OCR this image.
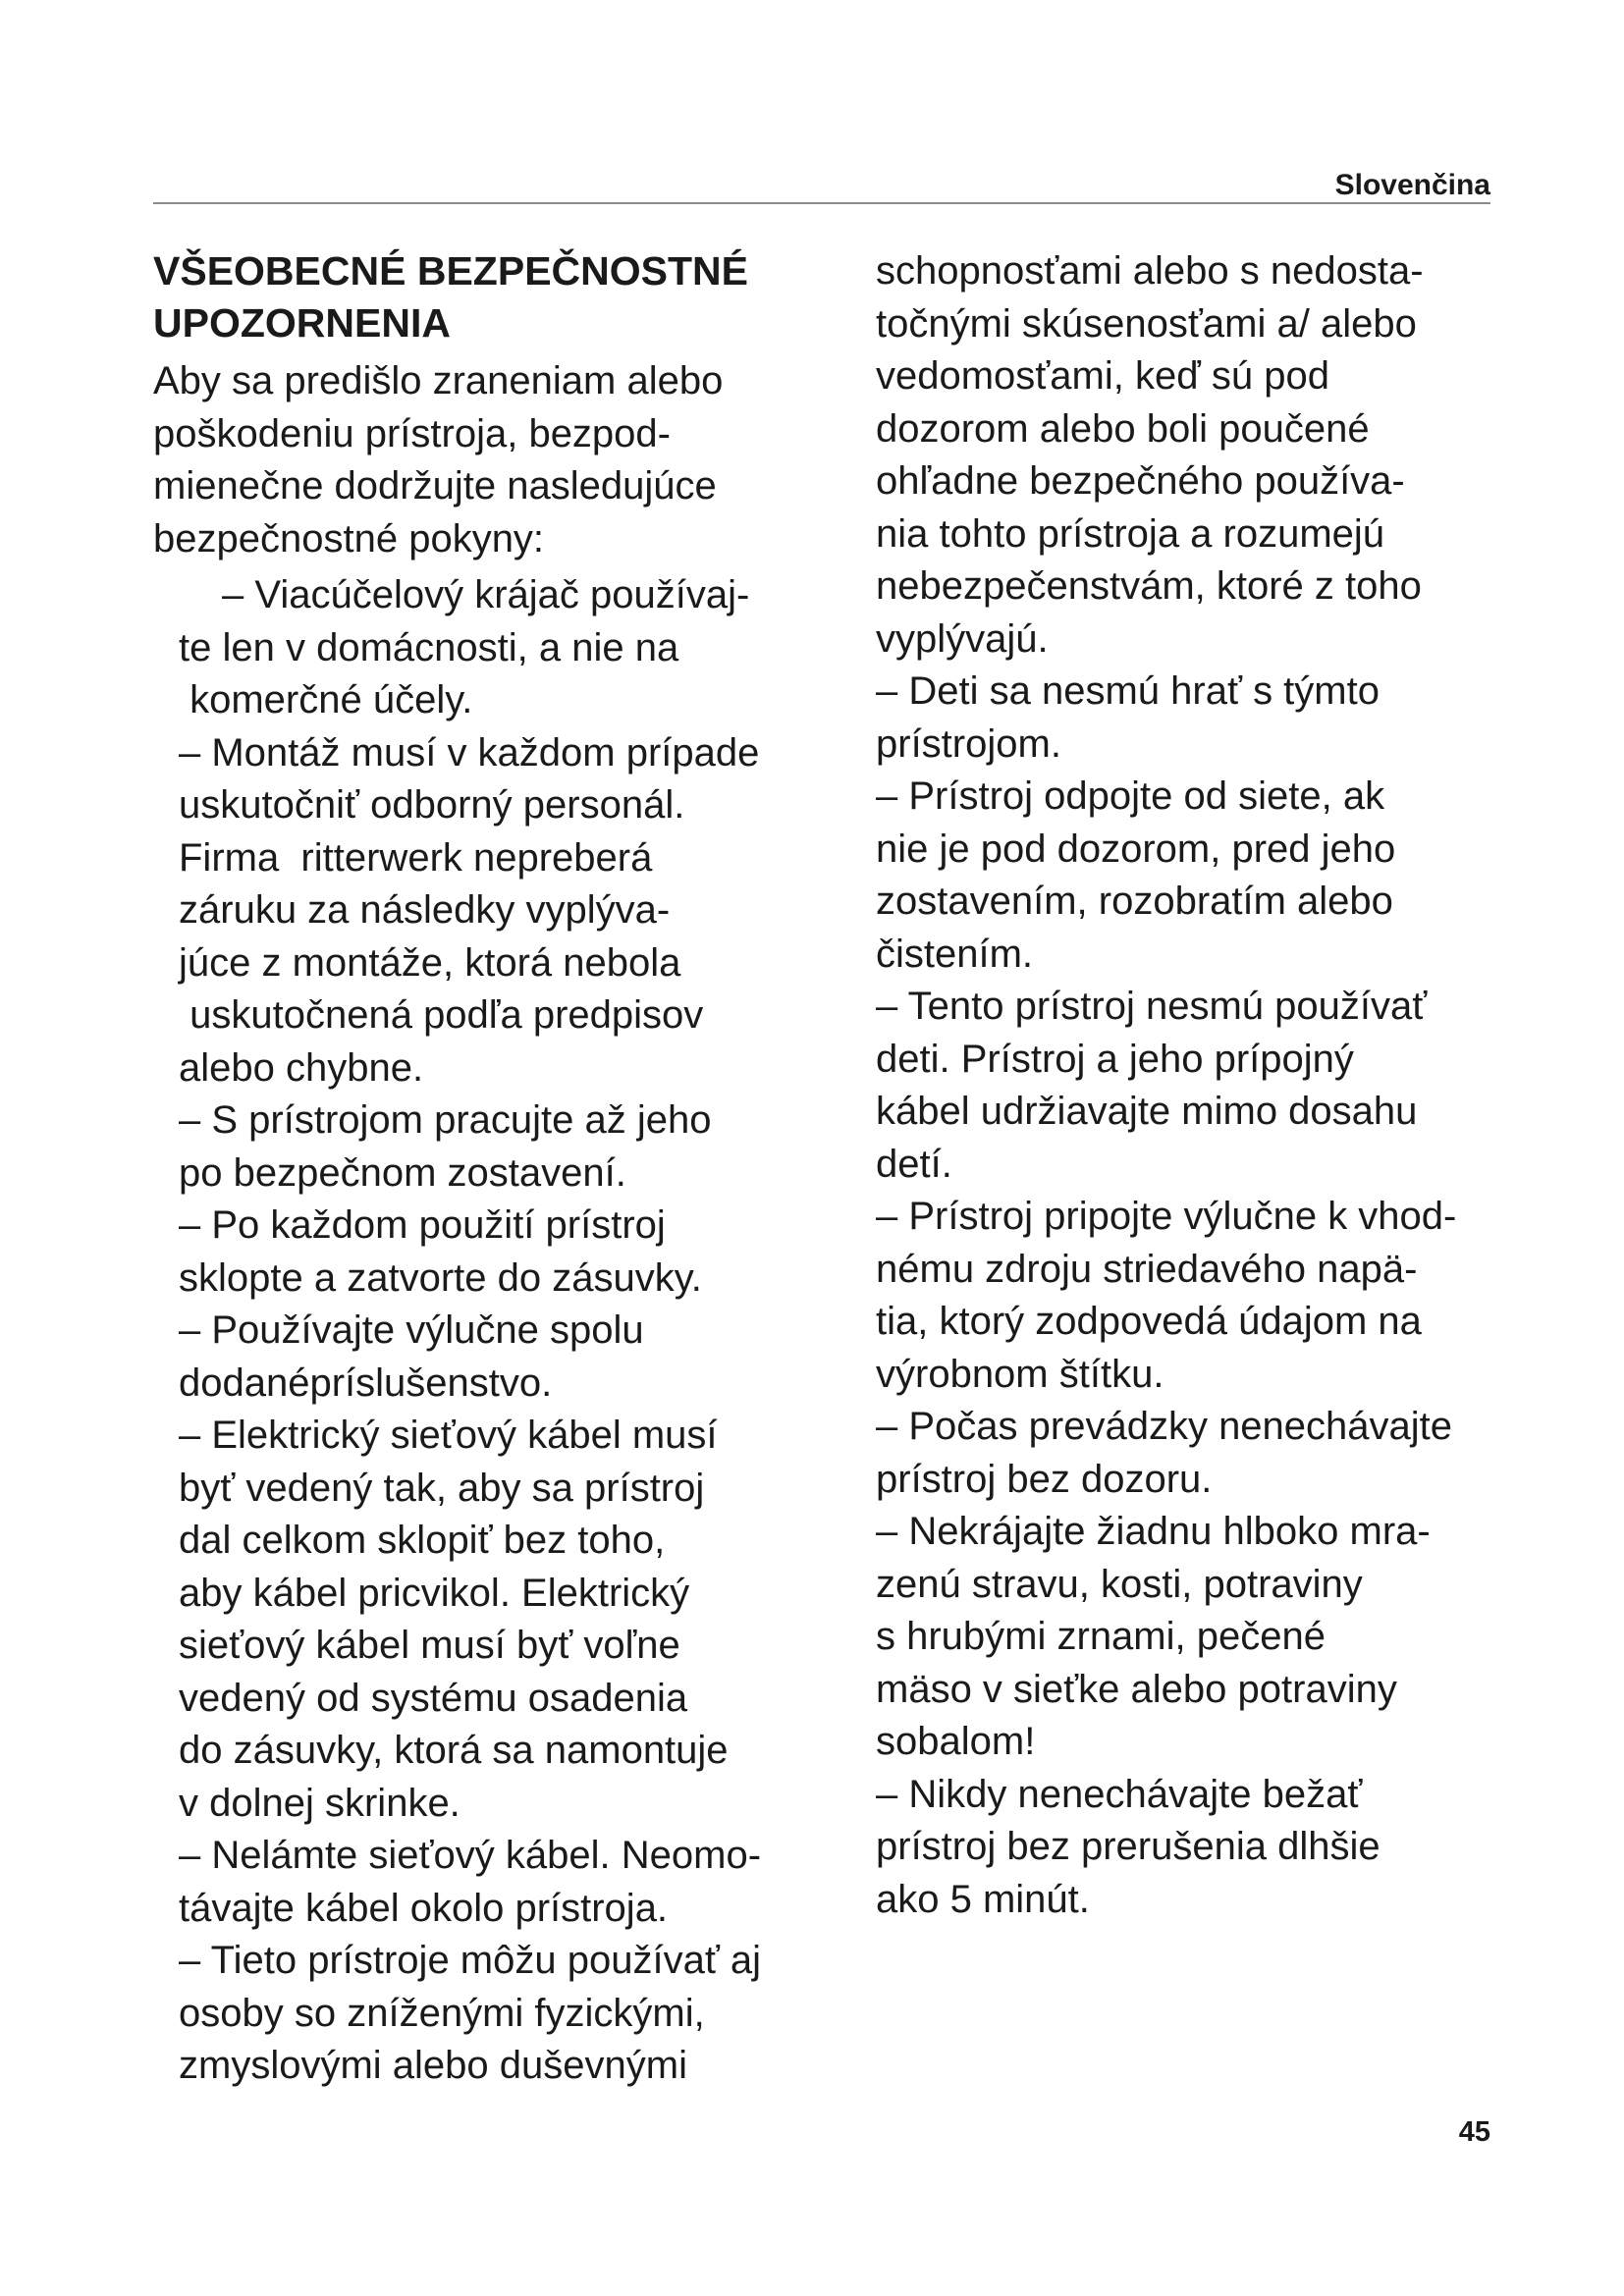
Slovenčina
VŠEOBECNÉ BEZPEČNOSTNÉ
UPOZORNENIA
Aby sa predišlo zraneniam alebo
poškodeniu prístroja, bezpod-
mienečne dodržujte nasledujúce
bezpečnostné pokyny:
– Viacúčelový krájač používaj-
te len v domácnosti, a nie na
komerčné účely.
– Montáž musí v každom prípade
uskutočniť odborný personál.
Firma  ritterwerk nepreberá
záruku za následky vyplýva-
júce z montáže, ktorá nebola
uskutočnená podľa predpisov
alebo chybne.
– S prístrojom pracujte až jeho
po bezpečnom zostavení.
– Po každom použití prístroj
sklopte a zatvorte do zásuvky.
– Používajte výlučne spolu
dodanépríslušenstvo.
– Elektrický sieťový kábel musí
byť vedený tak, aby sa prístroj
dal celkom sklopiť bez toho,
aby kábel pricvikol. Elektrický
sieťový kábel musí byť voľne
vedený od systému osadenia
do zásuvky, ktorá sa namontuje
v dolnej skrinke.
– Nelámte sieťový kábel. Neomo-
távajte kábel okolo prístroja.
– Tieto prístroje môžu používať aj
osoby so zníženými fyzickými,
zmyslovými alebo duševnými
schopnosťami alebo s nedosta-
točnými skúsenosťami a/ alebo
vedomosťami, keď sú pod
dozorom alebo boli poučené
ohľadne bezpečného používa-
nia tohto prístroja a rozumejú
nebezpečenstvám, ktoré z toho
vyplývajú.
– Deti sa nesmú hrať s týmto
prístrojom.
– Prístroj odpojte od siete, ak
nie je pod dozorom, pred jeho
zostavením, rozobratím alebo
čistením.
– Tento prístroj nesmú používať
deti. Prístroj a jeho prípojný
kábel udržiavajte mimo dosahu
detí.
– Prístroj pripojte výlučne k vhod-
nému zdroju striedavého napä-
tia, ktorý zodpovedá údajom na
výrobnom štítku.
– Počas prevádzky nenechávajte
prístroj bez dozoru.
– Nekrájajte žiadnu hlboko mra-
zenú stravu, kosti, potraviny
s hrubými zrnami, pečené
mäso v sieťke alebo potraviny
sobalom!
– Nikdy nenechávajte bežať
prístroj bez prerušenia dlhšie
ako 5 minút.
45
